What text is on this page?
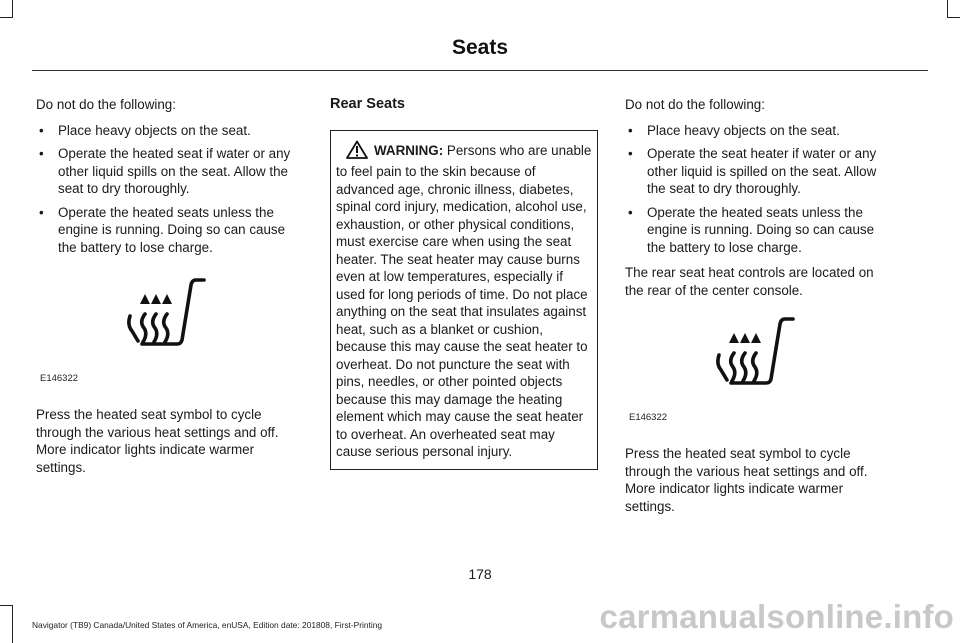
Seats

Do not do the following:

• Place heavy objects on the seat.
• Operate the heated seat if water or any other liquid spills on the seat. Allow the seat to dry thoroughly.
• Operate the heated seats unless the engine is running. Doing so can cause the battery to lose charge.
E146322

Press the heated seat symbol to cycle through the various heat settings and off. More indicator lights indicate warmer settings.

Rear Seats
WARNING: Persons who are unable to feel pain to the skin because of advanced age, chronic illness, diabetes, spinal cord injury, medication, alcohol use, exhaustion, or other physical conditions, must exercise care when using the seat heater. The seat heater may cause burns even at low temperatures, especially if used for long periods of time. Do not place anything on the seat that insulates against heat, such as a blanket or cushion, because this may cause the seat heater to overheat. Do not puncture the seat with pins, needles, or other pointed objects because this may damage the heating element which may cause the seat heater to overheat. An overheated seat may cause serious personal injury.

Do not do the following:

• Place heavy objects on the seat.
• Operate the seat heater if water or any other liquid is spilled on the seat. Allow the seat to dry thoroughly.
• Operate the heated seats unless the engine is running. Doing so can cause the battery to lose charge.

The rear seat heat controls are located on the rear of the center console.

E146322

Press the heated seat symbol to cycle through the various heat settings and off. More indicator lights indicate warmer settings.

178
Navigator (TB9) Canada/United States of America, enUSA, Edition date: 201808, First-Printing	carmanualsonline.info
